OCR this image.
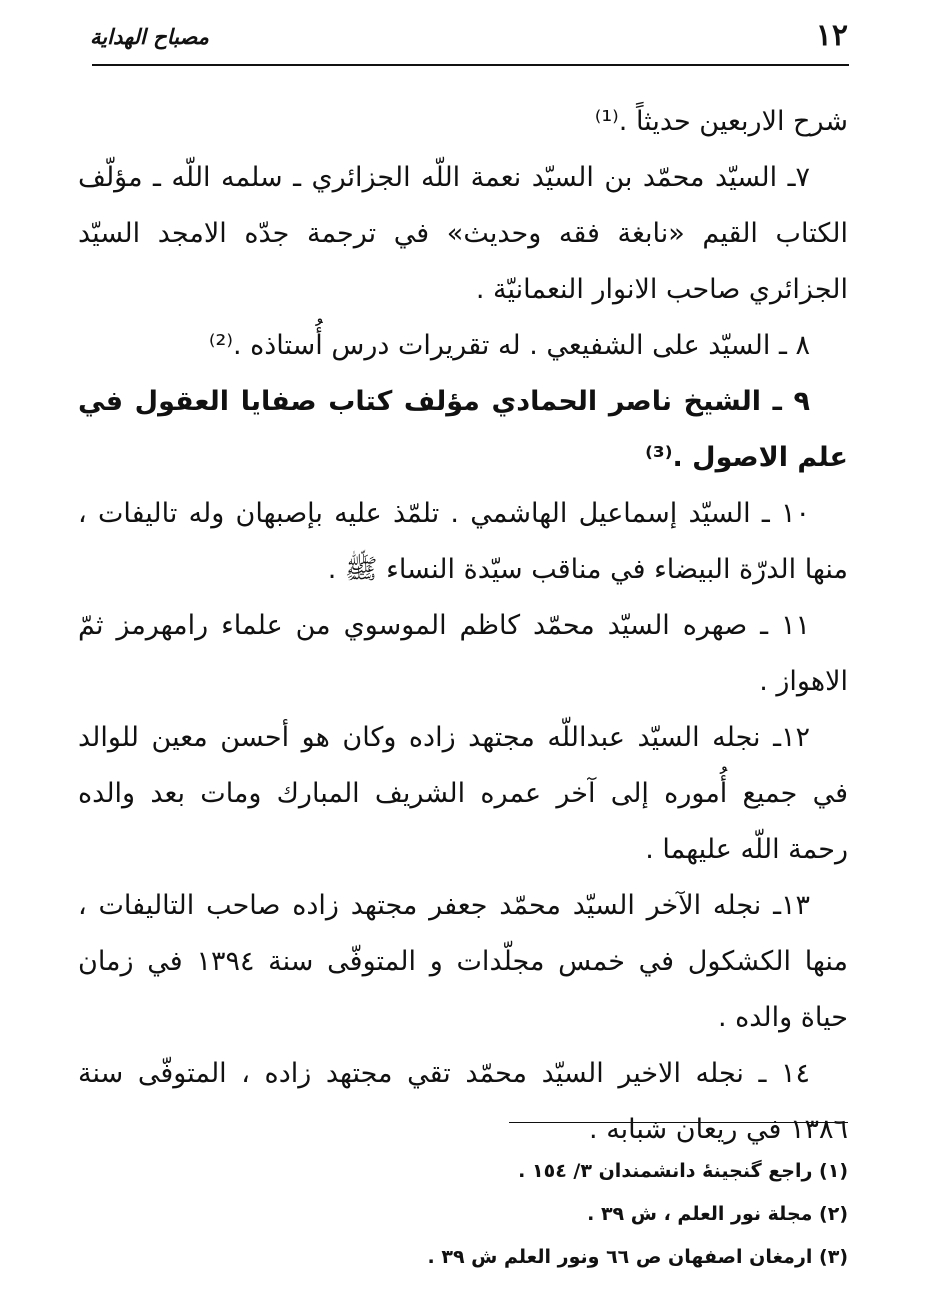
١٢
مصباح الهداية

شرح الاربعين حديثاً .⁽¹⁾

٧ـ السيّد محمّد بن السيّد نعمة اللّه الجزائري ـ سلمه اللّه ـ مؤلّف الكتاب القيم «نابغة فقه وحديث» في ترجمة جدّه الامجد السيّد الجزائري صاحب الانوار النعمانيّة .

٨ ـ السيّد على الشفيعي . له تقريرات درس أُستاذه .⁽²⁾

٩ ـ الشيخ ناصر الحمادي مؤلف كتاب صفايا العقول في علم الاصول .⁽³⁾

١٠ ـ السيّد إسماعيل الهاشمي . تلمّذ عليه بإصبهان وله تاليفات ، منها الدرّة البيضاء في مناقب سيّدة النساء ﷺ .

١١ ـ صهره السيّد محمّد كاظم الموسوي من علماء رامهرمز ثمّ الاهواز .

١٢ـ نجله السيّد عبداللّه مجتهد زاده وكان هو أحسن معين للوالد في جميع أُموره إلى آخر عمره الشريف المبارك ومات بعد والده رحمة اللّه عليهما .

١٣ـ نجله الآخر السيّد محمّد جعفر مجتهد زاده صاحب التاليفات ، منها الكشكول في خمس مجلّدات و المتوفّى سنة ١٣٩٤ في زمان حياة والده .

١٤ ـ نجله الاخير السيّد محمّد تقي مجتهد زاده ، المتوفّى سنة ١٣٨٦ في ريعان شبابه .

(١) راجع گنجينهٔ دانشمندان ٣/ ١٥٤ .

(٢) مجلة نور العلم ، ش ٣٩ .

(٣) ارمغان اصفهان ص ٦٦ ونور العلم ش ٣٩ .
